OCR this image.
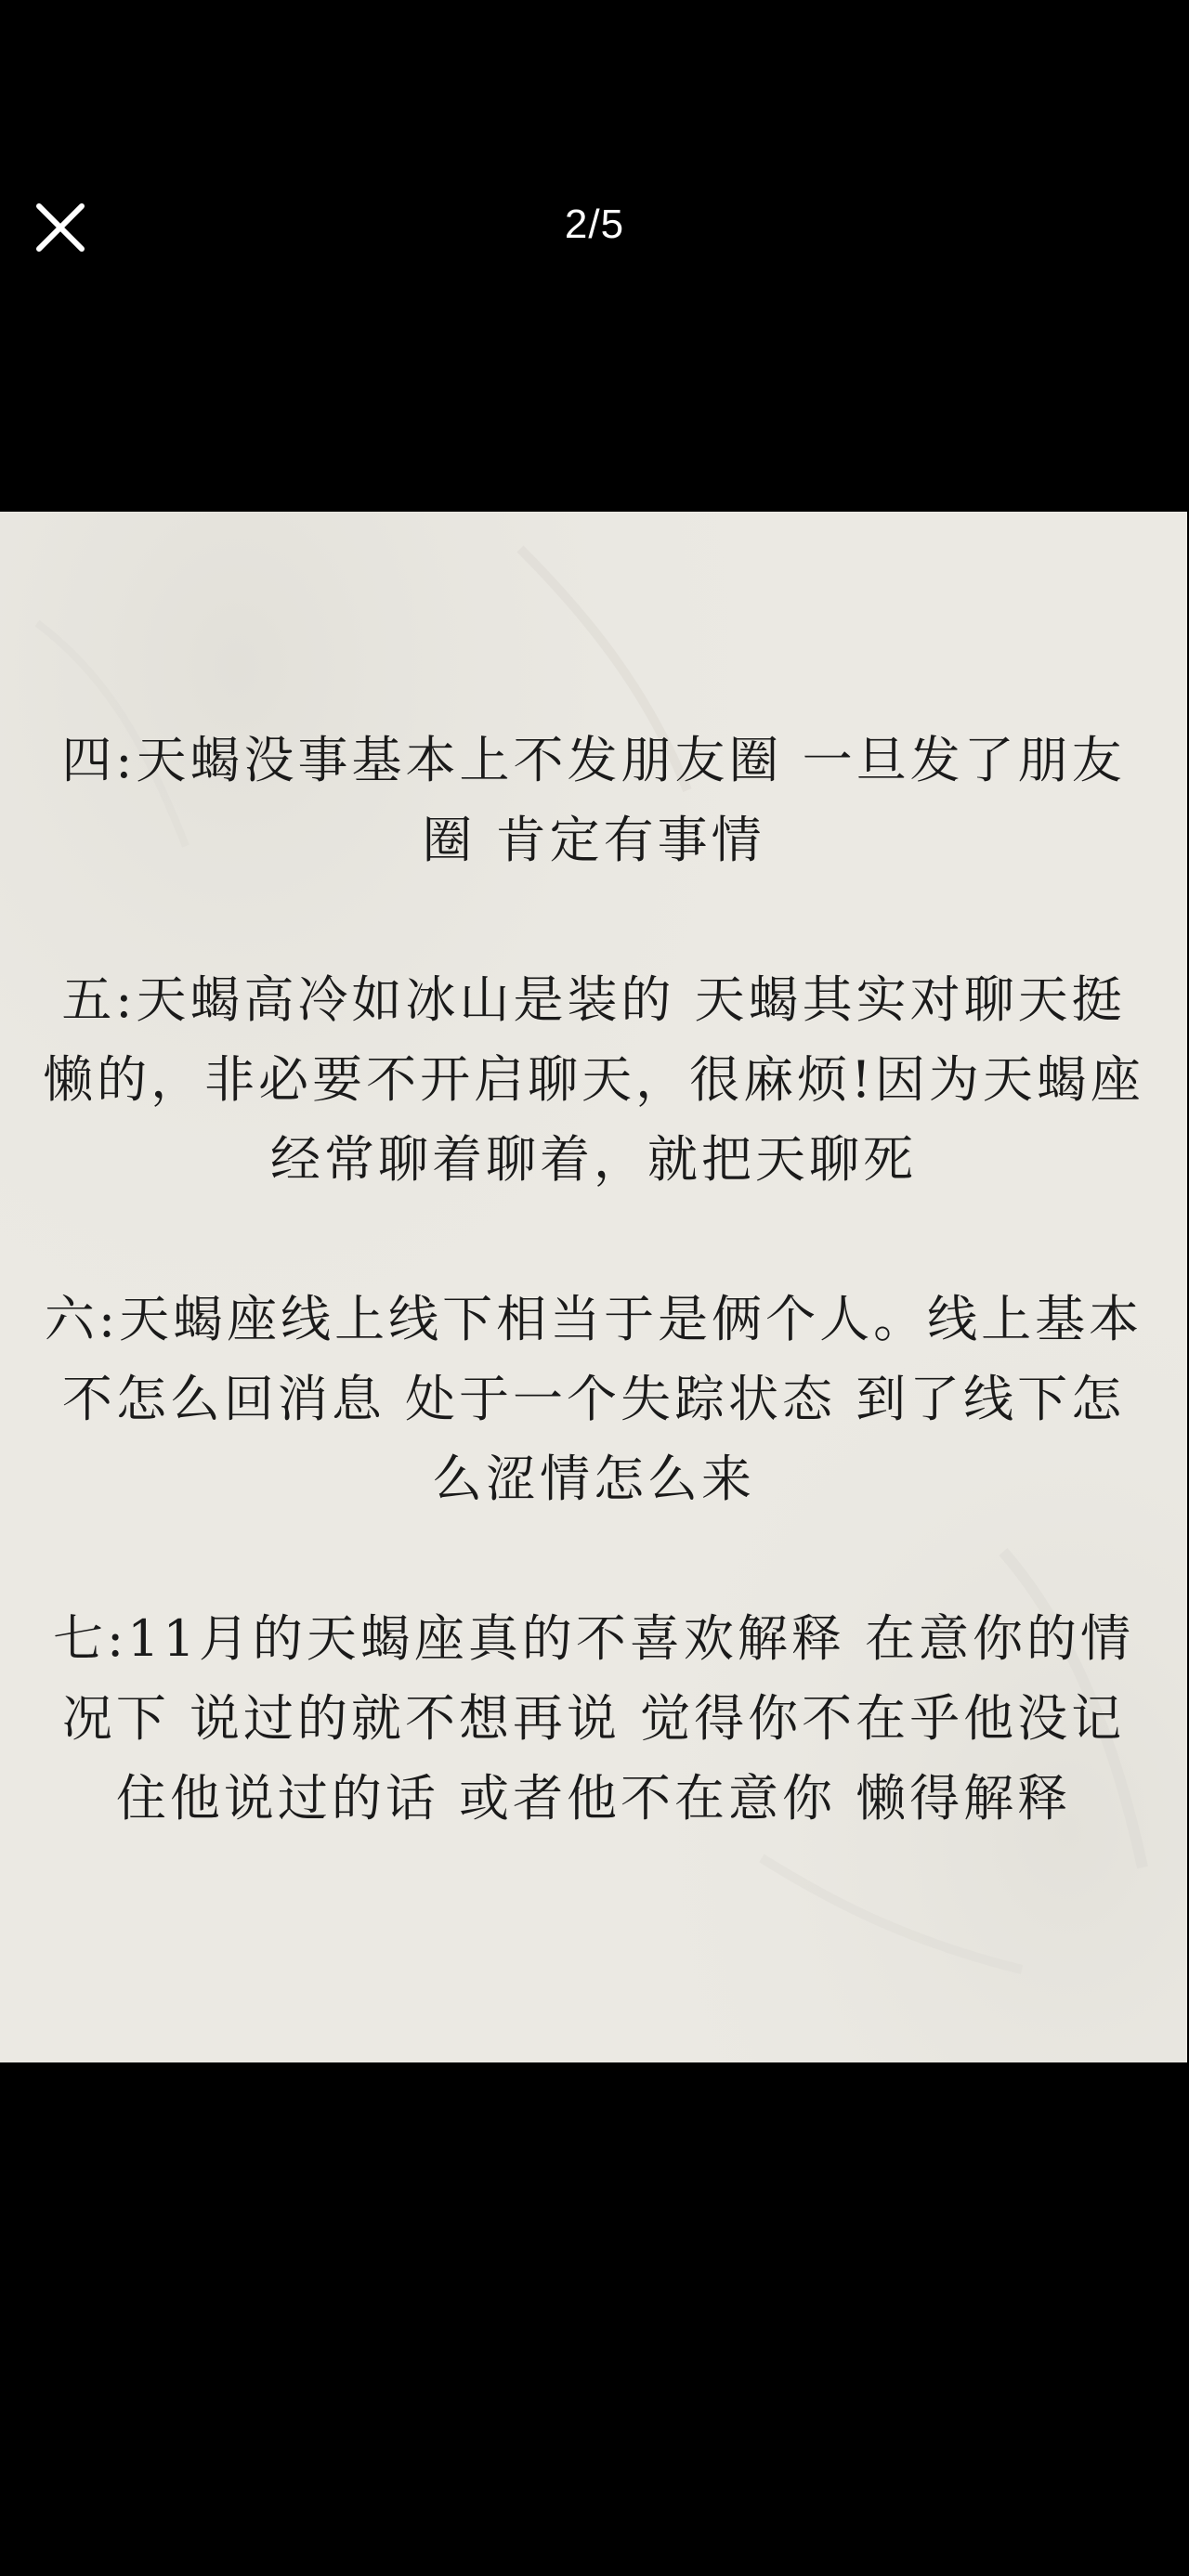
2/5

四:天蝎没事基本上不发朋友圈 一旦发了朋友圈 肯定有事情

五:天蝎高冷如冰山是装的 天蝎其实对聊天挺懒的，非必要不开启聊天，很麻烦!因为天蝎座经常聊着聊着，就把天聊死

六:天蝎座线上线下相当于是俩个人。线上基本不怎么回消息 处于一个失踪状态 到了线下怎么涩情怎么来

七:11月的天蝎座真的不喜欢解释 在意你的情况下 说过的就不想再说 觉得你不在乎他没记住他说过的话 或者他不在意你 懒得解释
